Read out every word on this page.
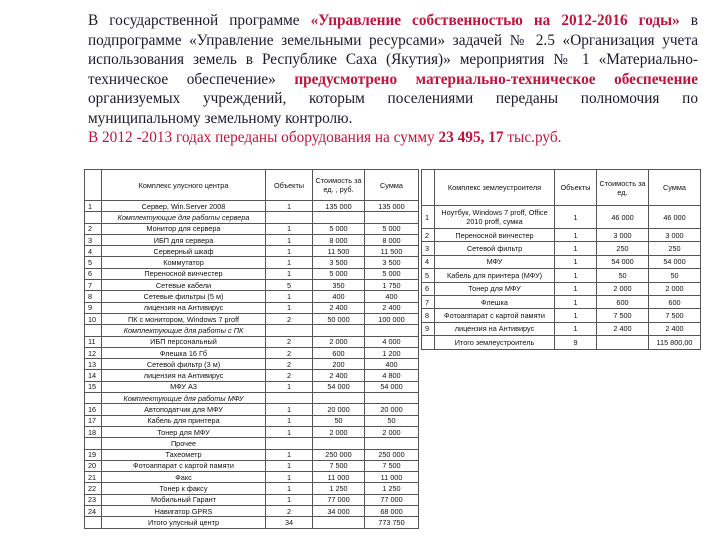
В государственной программе «Управление собственностью на 2012-2016 годы» в подпрограмме «Управление земельными ресурсами» задачей № 2.5 «Организация учета использования земель в Республике Саха (Якутия)» мероприятия № 1 «Материально-техническое обеспечение» предусмотрено материально-техническое обеспечение организуемых учреждений, которым поселениями переданы полномочия по муниципальному земельному контролю.
В 2012 -2013 годах переданы оборудования на сумму 23 495, 17 тыс.руб.
	Комплекс улусного центра	Объекты	Стоимость за ед. , руб.	Сумма
1	Сервер, Win.Server 2008	1	135 000	135 000
	Комплектующие для работы сервера			
2	Монитор для сервера	1	5 000	5 000
3	ИБП для сервера	1	8 000	8 000
4	Серверный шкаф	1	11 500	11 500
5	Коммутатор	1	3 500	3 500
6	Переносной винчестер	1	5 000	5 000
7	Сетевые кабели	5	350	1 750
8	Сетевые фильтры (5 м)	1	400	400
9	лицензия на Антивирус	1	2 400	2 400
10	ПК с монитором, Windows 7 proff	2	50 000	100 000
	Комплектующие для работы с ПК			
11	ИБП персональный	2	2 000	4 000
12	Флешка 16 Гб	2	600	1 200
13	Сетевой фильтр (3 м)	2	200	400
14	лицензия на Антивирус	2	2 400	4 800
15	МФУ А3	1	54 000	54 000
	Комплектующие для работы МФУ			
16	Автоподатчик для МФУ	1	20 000	20 000
17	Кабель для принтера	1	50	50
18	Тонер для МФУ	1	2 000	2 000
	Прочее			
19	Тахеометр	1	250 000	250 000
20	Фотоаппарат с картой памяти	1	7 500	7 500
21	Факс	1	11 000	11 000
22	Тонер к факсу	1	1 250	1 250
23	Мобильный Гарант	1	77 000	77 000
24	Навигатор GPRS	2	34 000	68 000
	Итого улусный центр	34		773 750
	Комплекс землеустроителя	Объекты	Стоимость за ед.	Сумма
1	Ноутбук, Windows 7 proff, Office 2010 proff, сумка	1	46 000	46 000
2	Переносной винчестер	1	3 000	3 000
3	Сетевой фильтр	1	250	250
4	МФУ	1	54 000	54 000
5	Кабель для принтера (МФУ)	1	50	50
6	Тонер для МФУ	1	2 000	2 000
7	Флешка	1	600	600
8	Фотоаппарат с картой памяти	1	7 500	7 500
9	лицензия на Антивирус	1	2 400	2 400
	Итого землеустроитель	9		115 800,00
